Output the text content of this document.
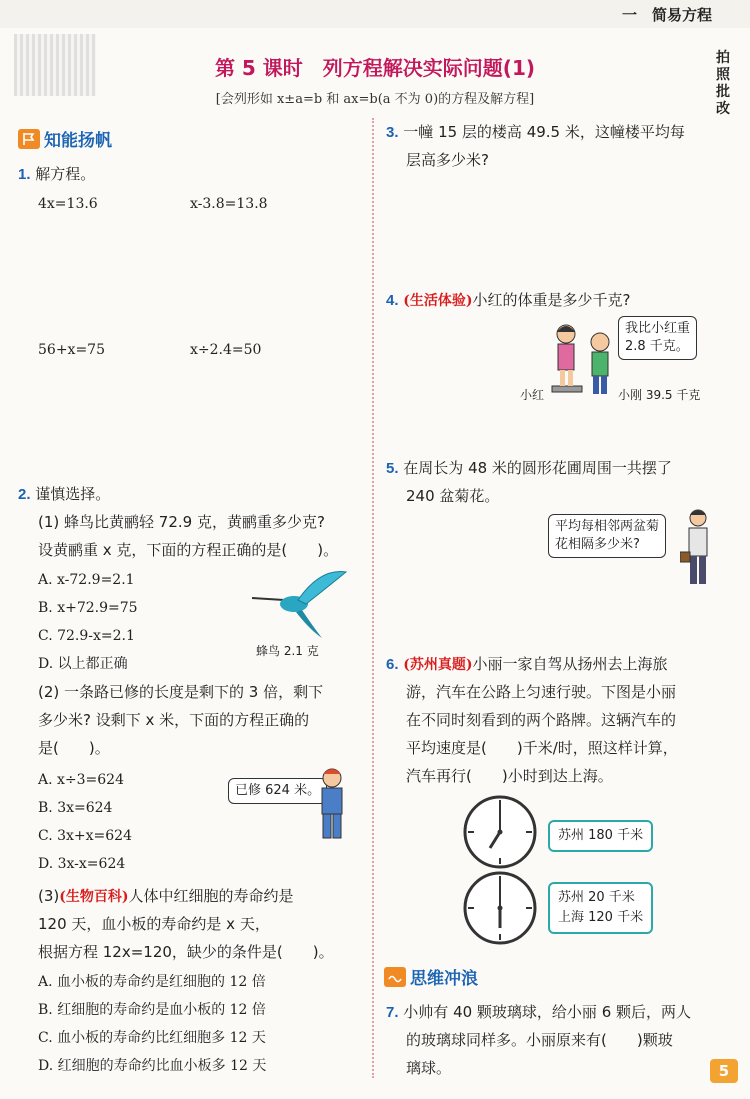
一　简易方程
第 5 课时　列方程解决实际问题(1)
[会列形如 x±a=b 和 ax=b(a 不为 0)的方程及解方程]
拍照批改
知能扬帆
1. 解方程。
4x=13.6	x-3.8=13.8
56+x=75	x÷2.4=50
2. 谨慎选择。
(1) 蜂鸟比黄鹂轻 72.9 克，黄鹂重多少克?
设黄鹂重 x 克，下面的方程正确的是(　　)。
A. x-72.9=2.1
B. x+72.9=75
C. 72.9-x=2.1
D. 以上都正确
蜂鸟 2.1 克
(2) 一条路已修的长度是剩下的 3 倍，剩下
多少米? 设剩下 x 米，下面的方程正确的
是(　　)。
A. x÷3=624
B. 3x=624
C. 3x+x=624
D. 3x-x=624
已修 624 米。
(3)(生物百科)人体中红细胞的寿命约是
120 天，血小板的寿命约是 x 天，
根据方程 12x=120，缺少的条件是(　　)。
A. 血小板的寿命约是红细胞的 12 倍
B. 红细胞的寿命约是血小板的 12 倍
C. 血小板的寿命约比红细胞多 12 天
D. 红细胞的寿命约比血小板多 12 天
3. 一幢 15 层的楼高 49.5 米，这幢楼平均每
层高多少米?
4. (生活体验)小红的体重是多少千克?
我比小红重
2.8 千克。
小红	小刚 39.5 千克
5. 在周长为 48 米的圆形花圃周围一共摆了
240 盆菊花。
平均每相邻两盆菊
花相隔多少米?
6. (苏州真题)小丽一家自驾从扬州去上海旅
游，汽车在公路上匀速行驶。下图是小丽
在不同时刻看到的两个路牌。这辆汽车的
平均速度是(　　)千米/时，照这样计算，
汽车再行(　　)小时到达上海。
苏州 180 千米
苏州 20 千米
上海 120 千米
思维冲浪
7. 小帅有 40 颗玻璃球，给小丽 6 颗后，两人
的玻璃球同样多。小丽原来有(　　)颗玻
璃球。	5
